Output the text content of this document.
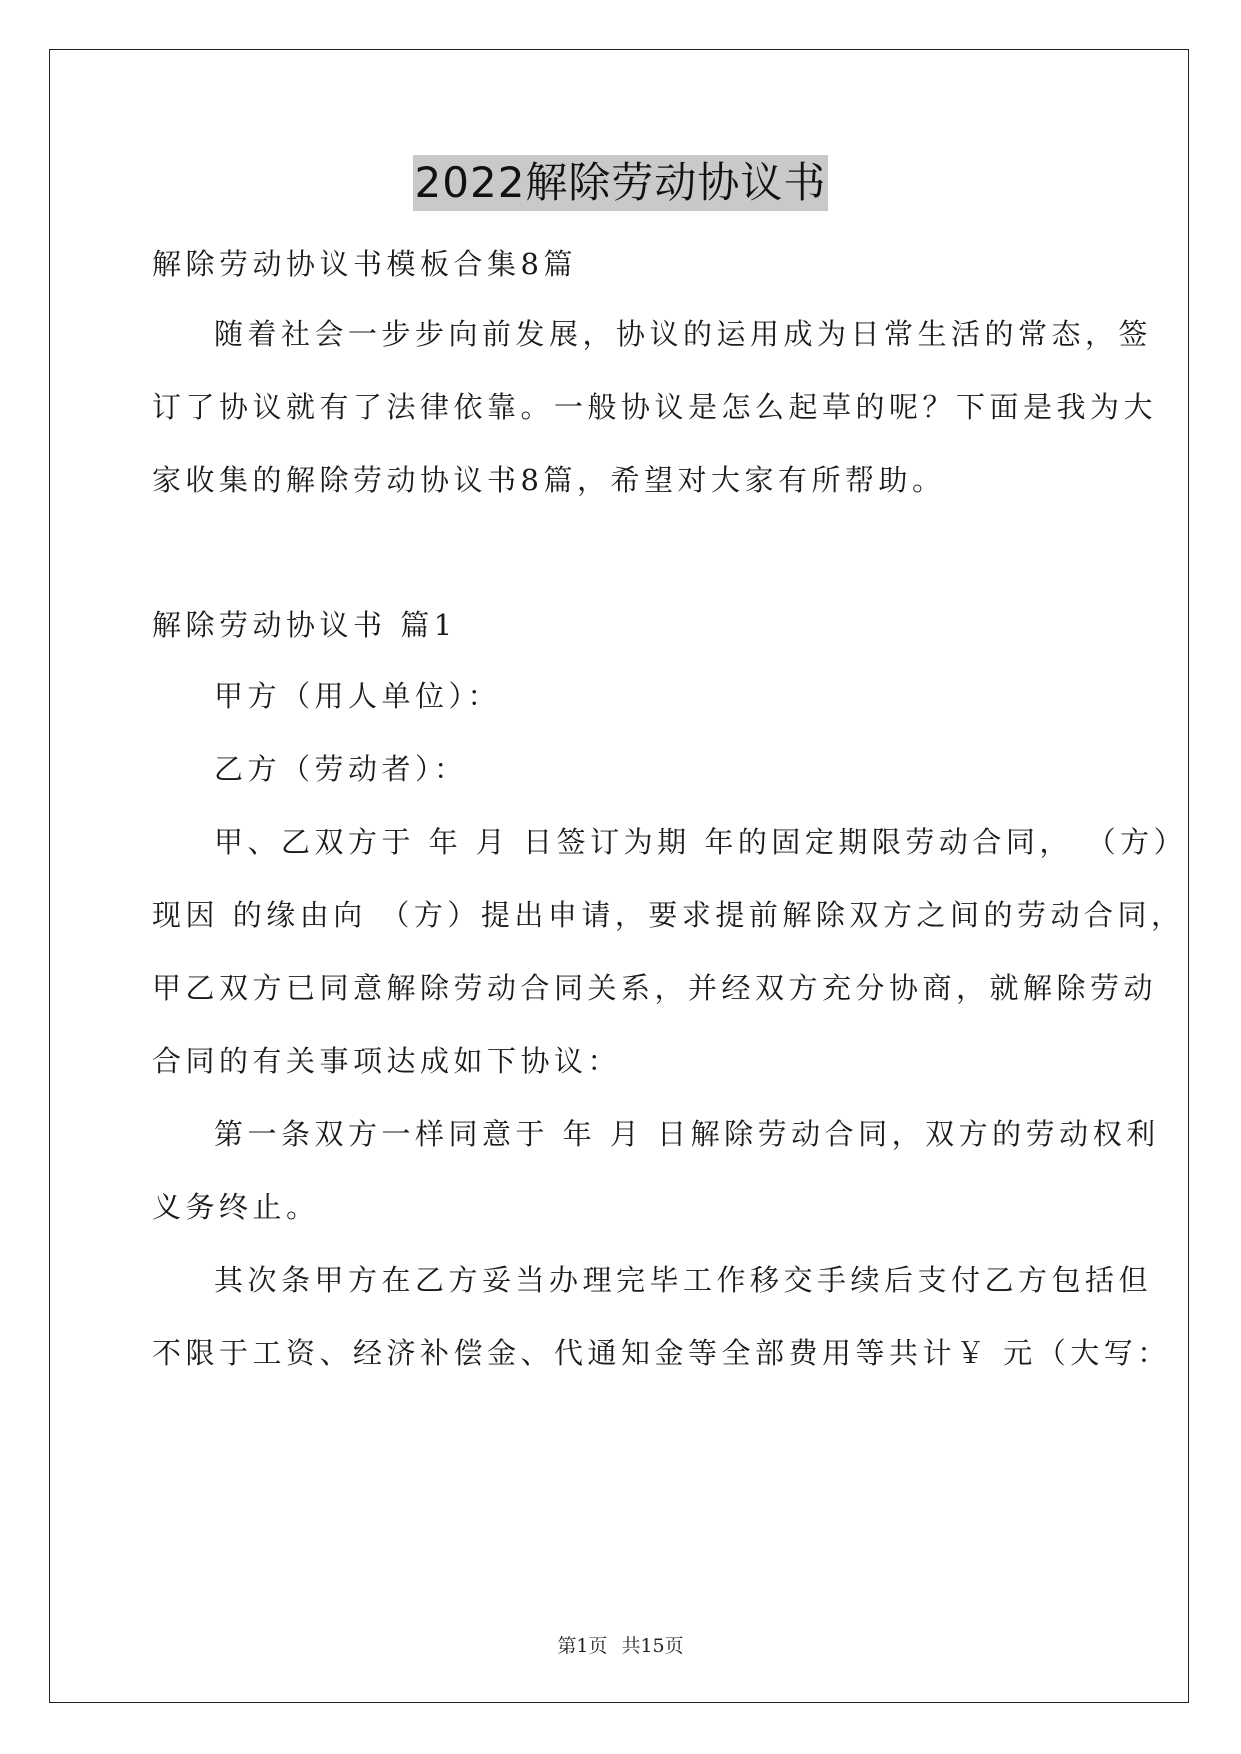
2022解除劳动协议书
解除劳动协议书模板合集8篇
随着社会一步步向前发展，协议的运用成为日常生活的常态，签
订了协议就有了法律依靠。一般协议是怎么起草的呢？下面是我为大
家收集的解除劳动协议书8篇，希望对大家有所帮助。
解除劳动协议书 篇1
甲方（用人单位）：
乙方（劳动者）：
甲、乙双方于 年 月 日签订为期 年的固定期限劳动合同， （方）
现因 的缘由向 （方）提出申请，要求提前解除双方之间的劳动合同，
甲乙双方已同意解除劳动合同关系，并经双方充分协商，就解除劳动
合同的有关事项达成如下协议：
第一条双方一样同意于 年 月 日解除劳动合同，双方的劳动权利
义务终止。
其次条甲方在乙方妥当办理完毕工作移交手续后支付乙方包括但
不限于工资、经济补偿金、代通知金等全部费用等共计￥ 元（大写：
第1页 共15页
